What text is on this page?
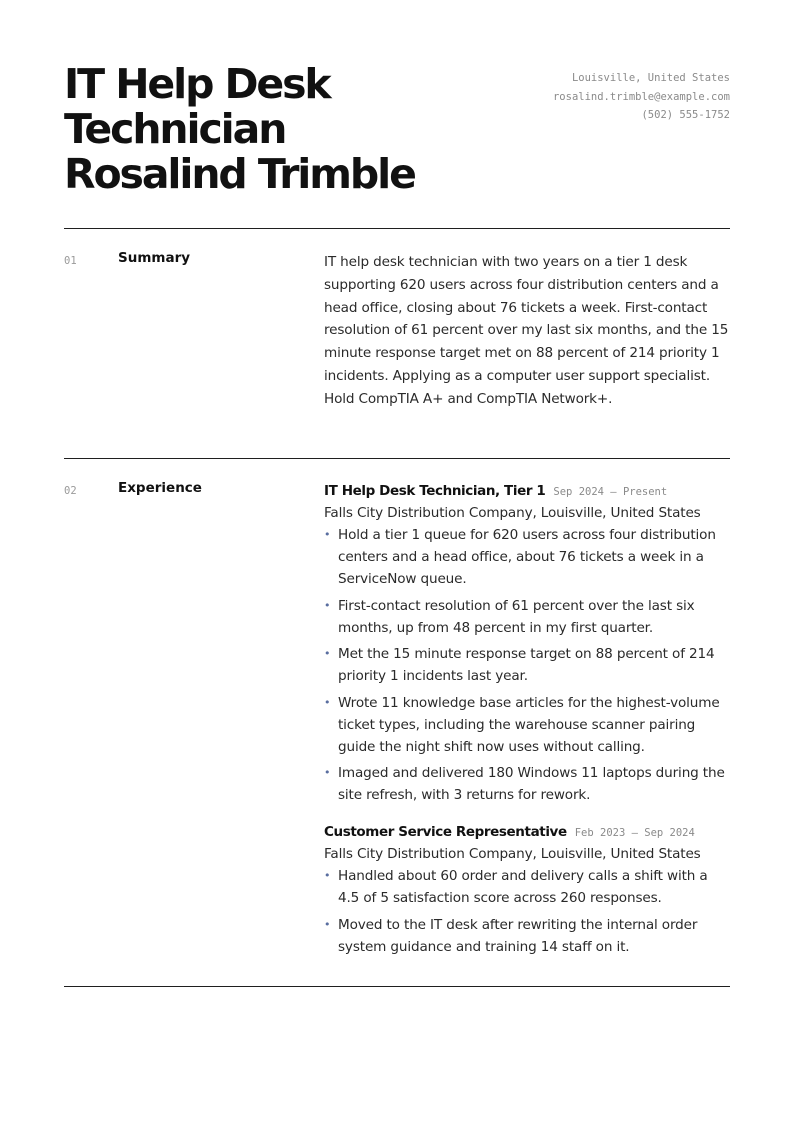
IT Help Desk
Technician
Rosalind Trimble
Louisville, United States
rosalind.trimble@example.com
(502) 555-1752
01	Summary	IT help desk technician with two years on a tier 1 desk supporting 620 users across four distribution centers and a head office, closing about 76 tickets a week. First-contact resolution of 61 percent over my last six months, and the 15 minute response target met on 88 percent of 214 priority 1 incidents. Applying as a computer user support specialist. Hold CompTIA A+ and CompTIA Network+.
02	Experience	IT Help Desk Technician, Tier 1 Sep 2024 — Present
Falls City Distribution Company, Louisville, United States
• Hold a tier 1 queue for 620 users across four distribution centers and a head office, about 76 tickets a week in a ServiceNow queue.
• First-contact resolution of 61 percent over the last six months, up from 48 percent in my first quarter.
• Met the 15 minute response target on 88 percent of 214 priority 1 incidents last year.
• Wrote 11 knowledge base articles for the highest-volume ticket types, including the warehouse scanner pairing guide the night shift now uses without calling.
• Imaged and delivered 180 Windows 11 laptops during the site refresh, with 3 returns for rework.
Customer Service Representative Feb 2023 — Sep 2024
Falls City Distribution Company, Louisville, United States
• Handled about 60 order and delivery calls a shift with a 4.5 of 5 satisfaction score across 260 responses.
• Moved to the IT desk after rewriting the internal order system guidance and training 14 staff on it.
